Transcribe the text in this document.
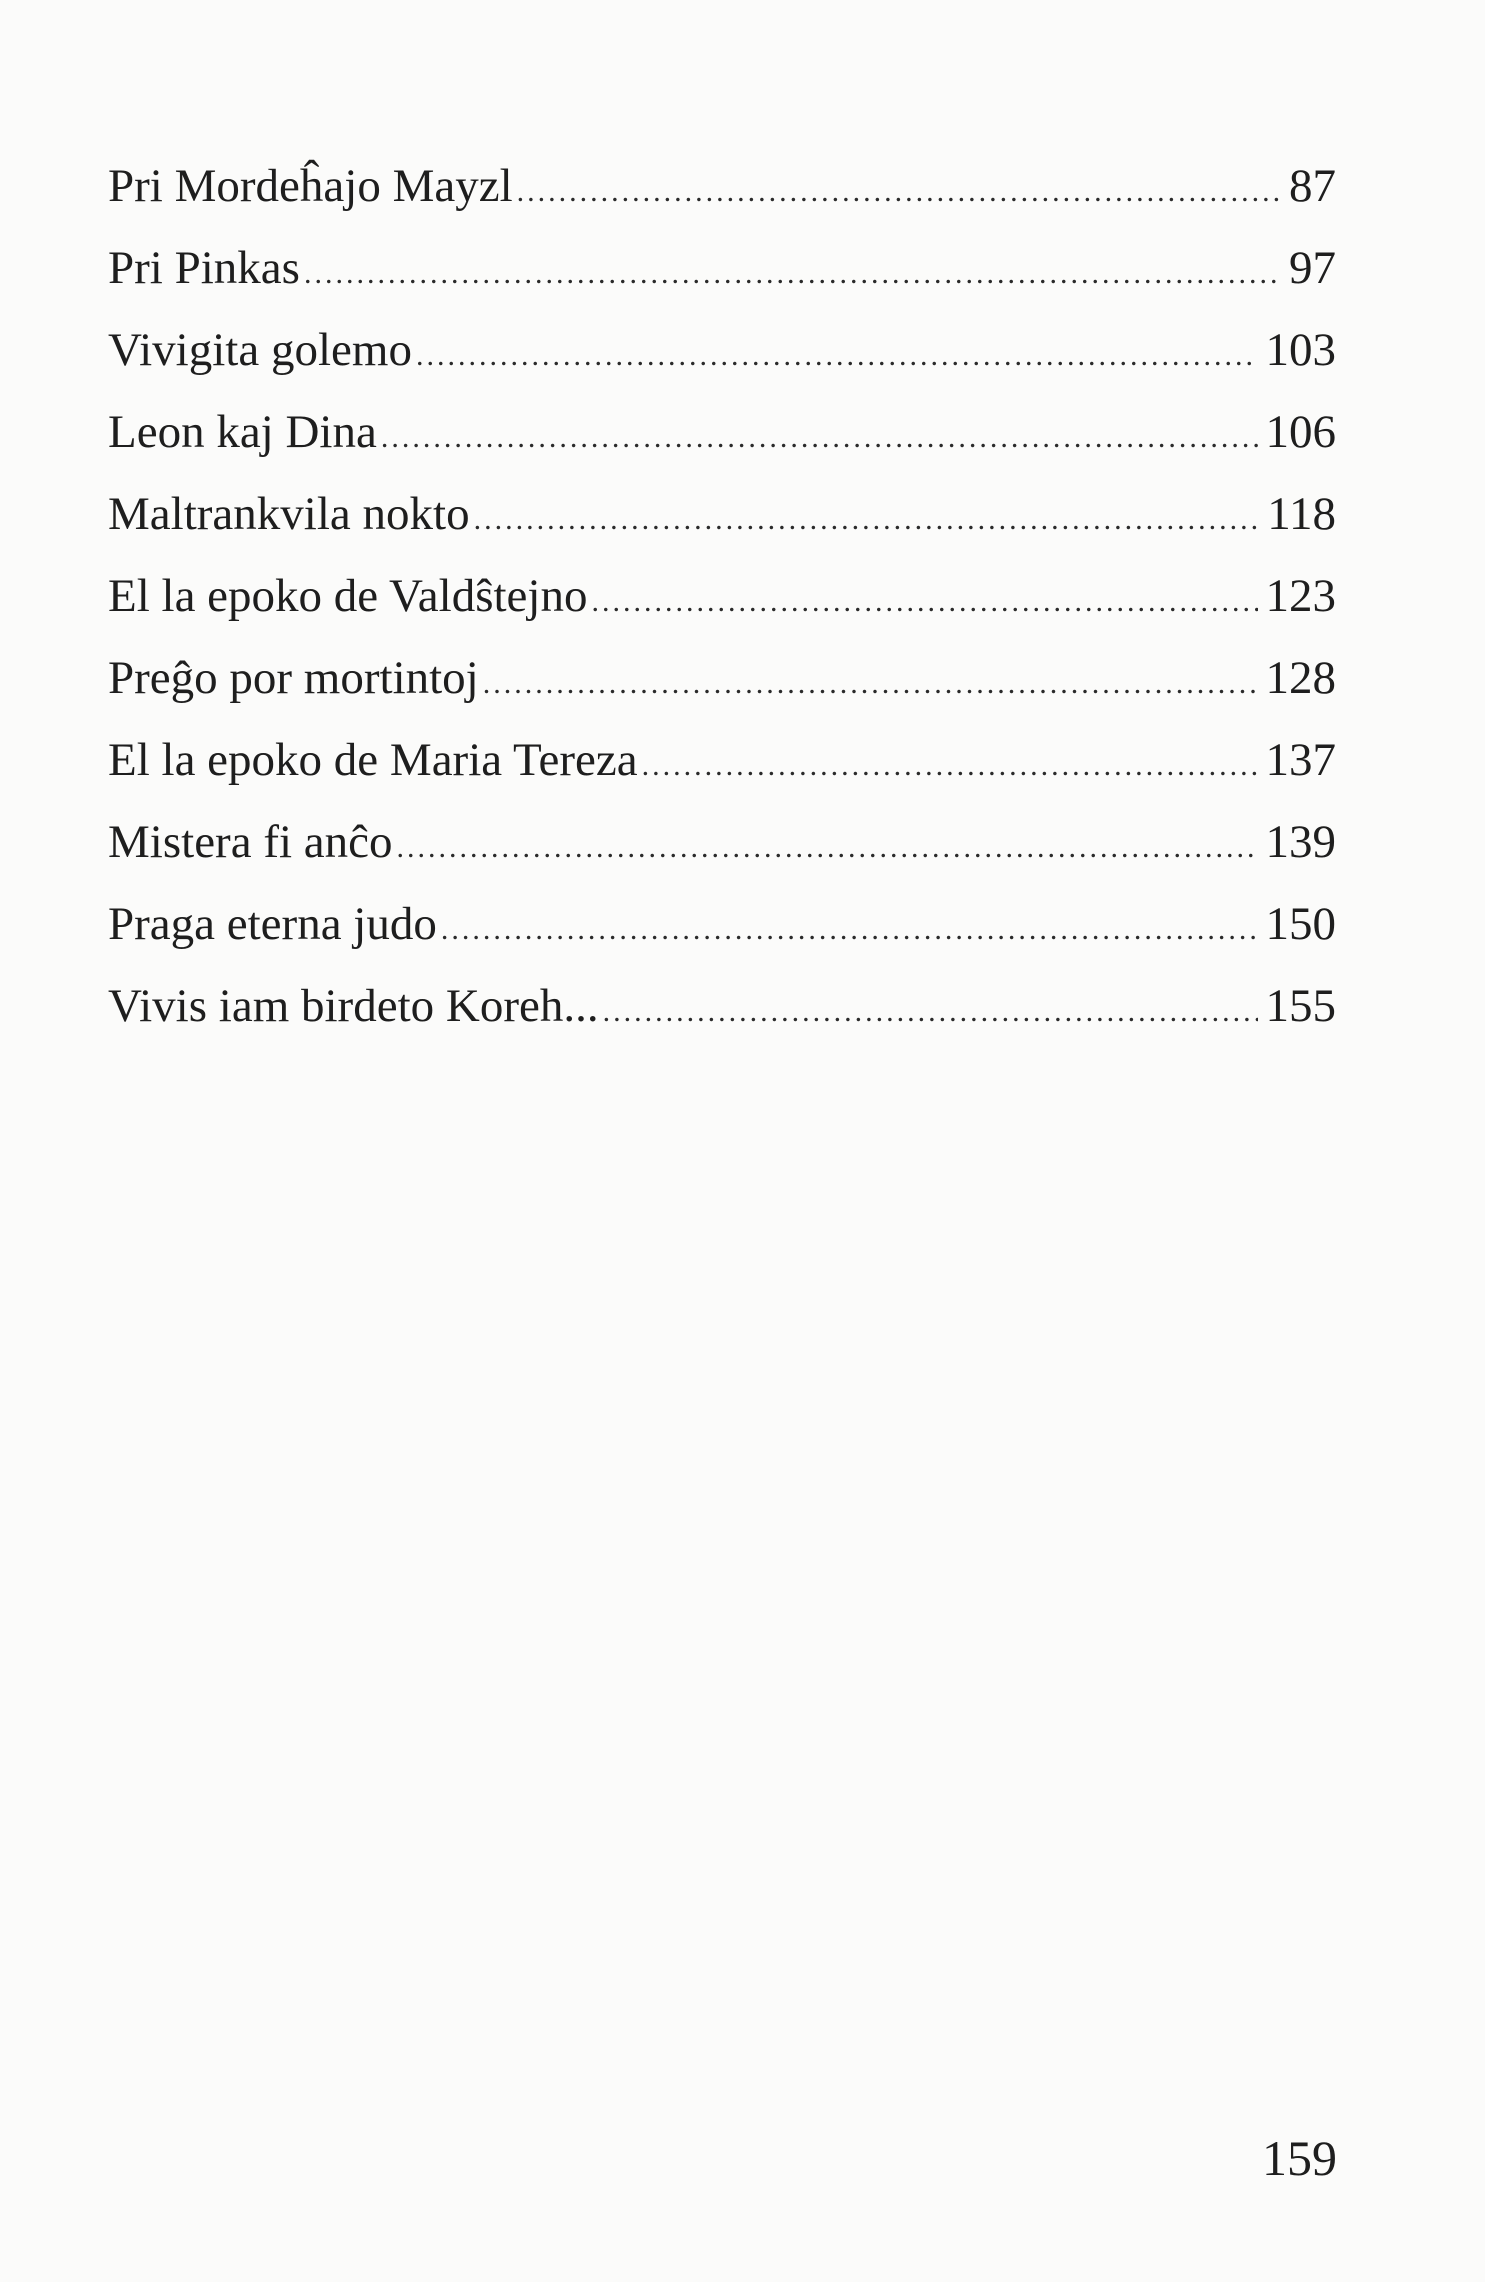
Pri Mordeĥajo Mayzl .....	87
Pri Pinkas .....	97
Vivigita golemo .....	103
Leon kaj Dina .....	106
Maltrankvila nokto .....	118
El la epoko de Valdŝtejno .....	123
Preĝo por mortintoj .....	128
El la epoko de Maria Tereza .....	137
Mistera fi anĉo .....	139
Praga eterna judo .....	150
Vivis iam birdeto Koreh... .....	155
159
